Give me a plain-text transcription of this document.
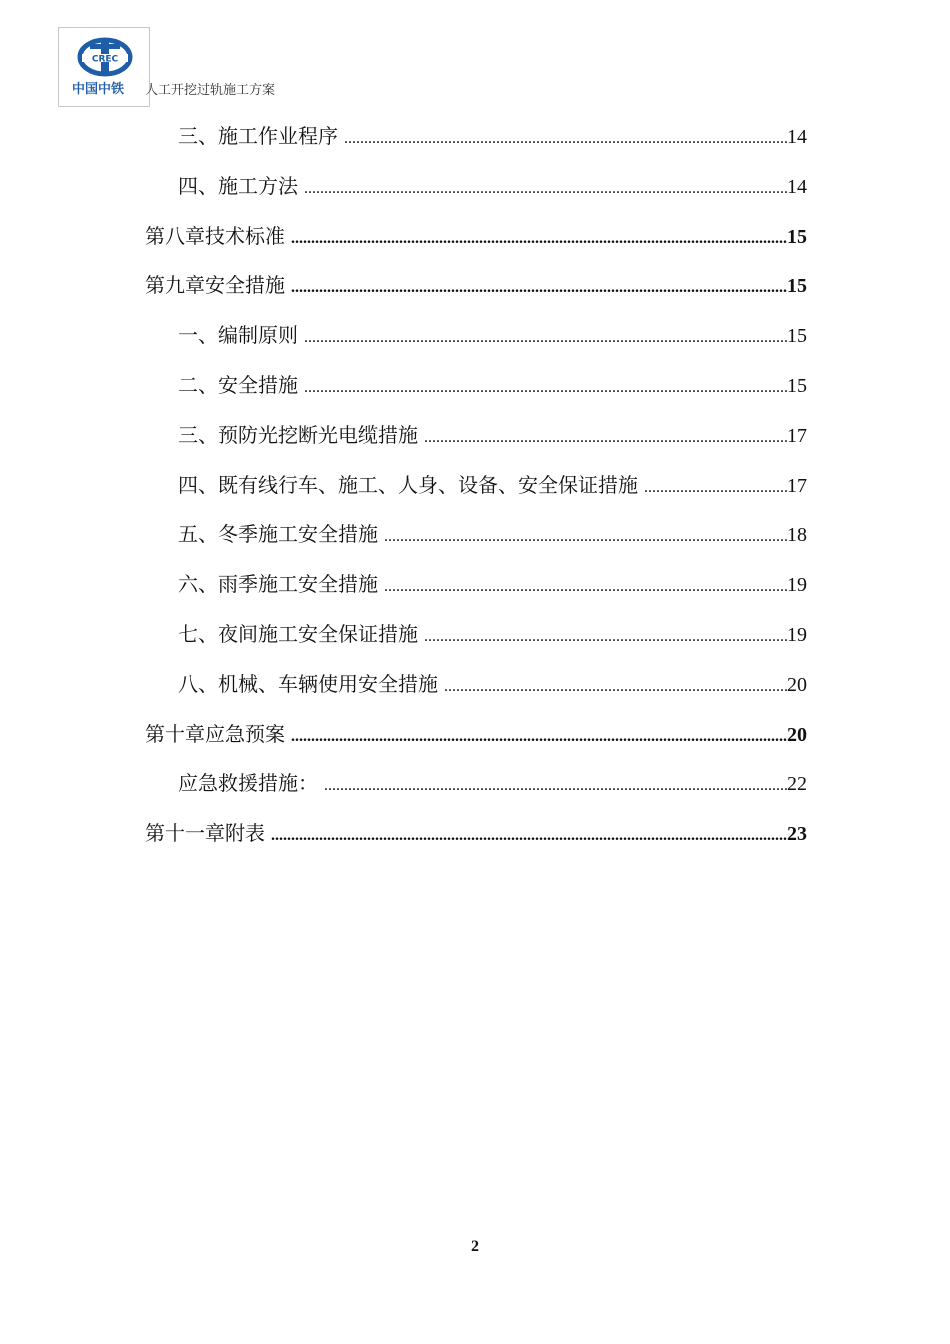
CREC
中国中铁 人工开挖过轨施工方案
三、施工作业程序 .....	14
四、施工方法 .....	14
第八章技术标准 .....	15
第九章安全措施 .....	15
一、编制原则 .....	15
二、安全措施 .....	15
三、预防光挖断光电缆措施 .....	17
四、既有线行车、施工、人身、设备、安全保证措施 .....	17
五、冬季施工安全措施 .....	18
六、雨季施工安全措施 .....	19
七、夜间施工安全保证措施 .....	19
八、机械、车辆使用安全措施 .....	20
第十章应急预案 .....	20
应急救援措施： .....	22
第十一章附表 .....	23
2
